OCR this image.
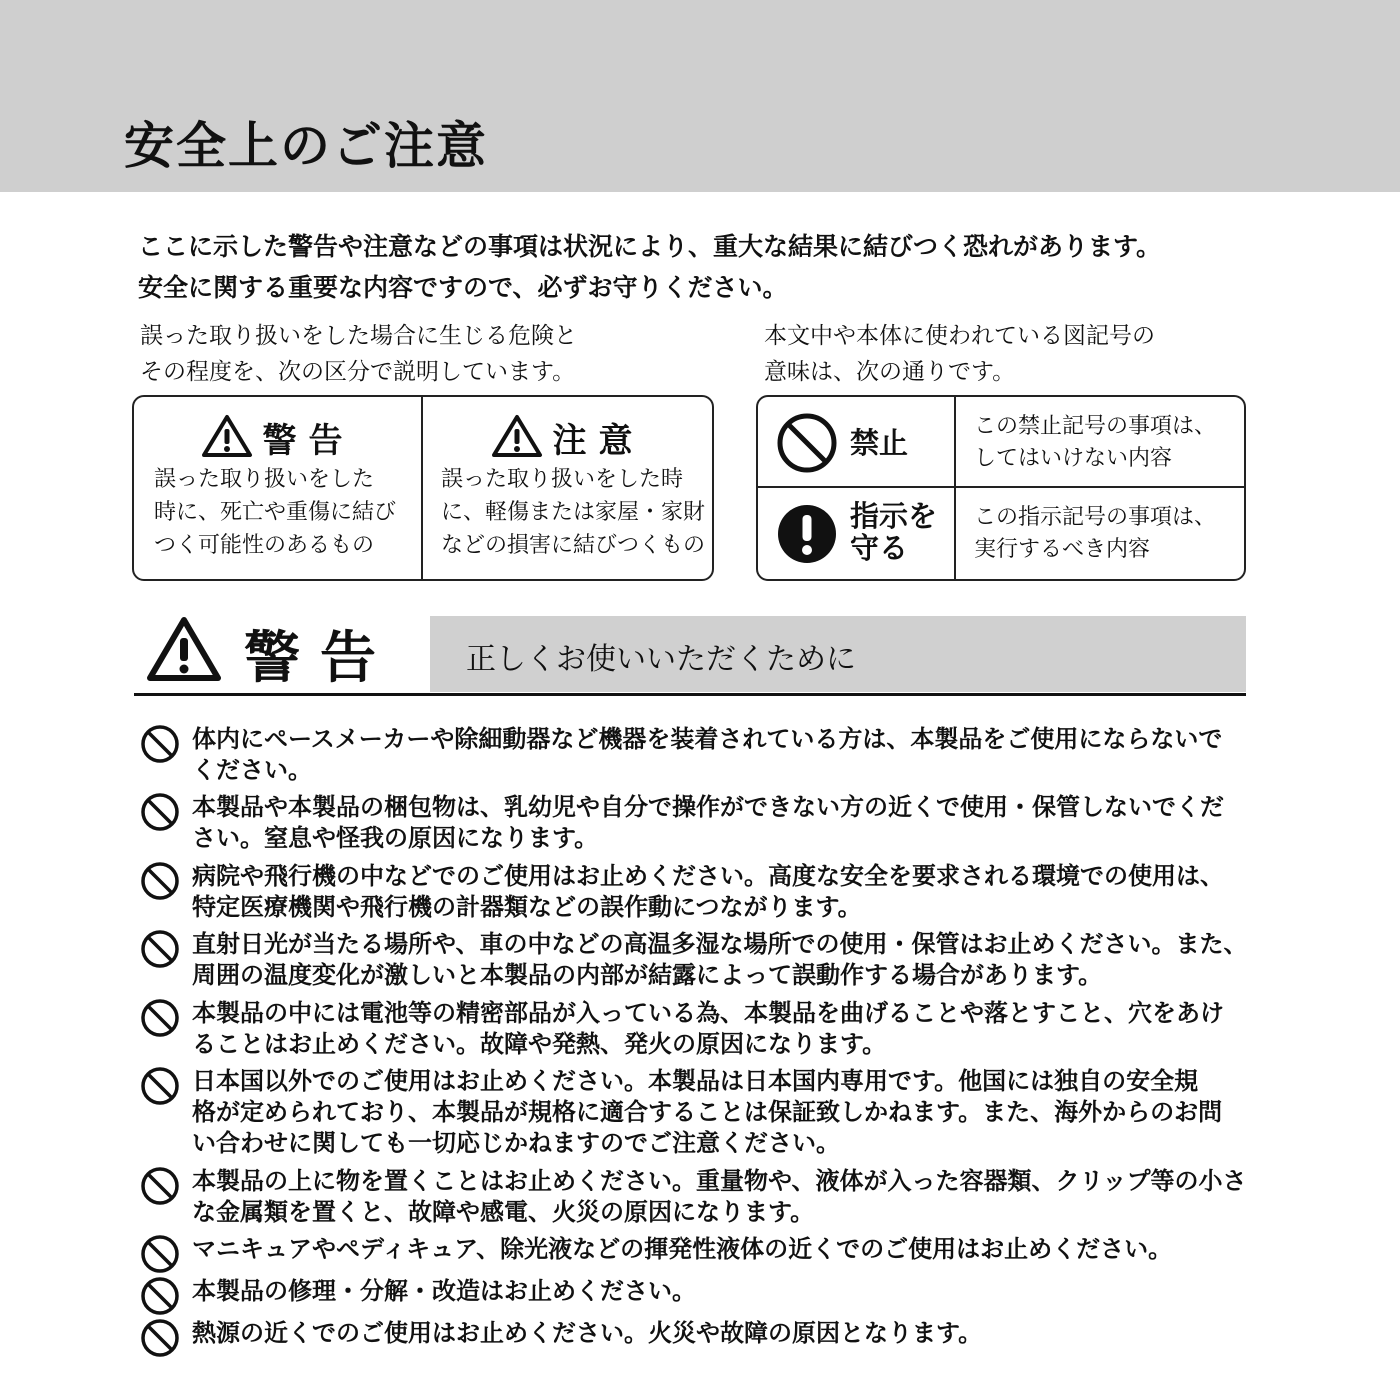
安全上のご注意
ここに示した警告や注意などの事項は状況により、重大な結果に結びつく恐れがあります。
安全に関する重要な内容ですので、必ずお守りください。
誤った取り扱いをした場合に生じる危険と
その程度を、次の区分で説明しています。
本文中や本体に使われている図記号の
意味は、次の通りです。
警告
誤った取り扱いをした
時に、死亡や重傷に結び
つく可能性のあるもの
注意
誤った取り扱いをした時
に、軽傷または家屋・家財
などの損害に結びつくもの
禁止	この禁止記号の事項は、
してはいけない内容
指示を
守る
この指示記号の事項は、
実行するべき内容
警告 正しくお使いいただくために
体内にペースメーカーや除細動器など機器を装着されている方は、本製品をご使用にならないで
ください。
本製品や本製品の梱包物は、乳幼児や自分で操作ができない方の近くで使用・保管しないでくだ
さい。窒息や怪我の原因になります。
病院や飛行機の中などでのご使用はお止めください。高度な安全を要求される環境での使用は、
特定医療機関や飛行機の計器類などの誤作動につながります。
直射日光が当たる場所や、車の中などの高温多湿な場所での使用・保管はお止めください。また、
周囲の温度変化が激しいと本製品の内部が結露によって誤動作する場合があります。
本製品の中には電池等の精密部品が入っている為、本製品を曲げることや落とすこと、穴をあけ
ることはお止めください。故障や発熱、発火の原因になります。
日本国以外でのご使用はお止めください。本製品は日本国内専用です。他国には独自の安全規
格が定められており、本製品が規格に適合することは保証致しかねます。また、海外からのお問
い合わせに関しても一切応じかねますのでご注意ください。
本製品の上に物を置くことはお止めください。重量物や、液体が入った容器類、クリップ等の小さ
な金属類を置くと、故障や感電、火災の原因になります。
マニキュアやペディキュア、除光液などの揮発性液体の近くでのご使用はお止めください。
本製品の修理・分解・改造はお止めください。
熱源の近くでのご使用はお止めください。火災や故障の原因となります。
